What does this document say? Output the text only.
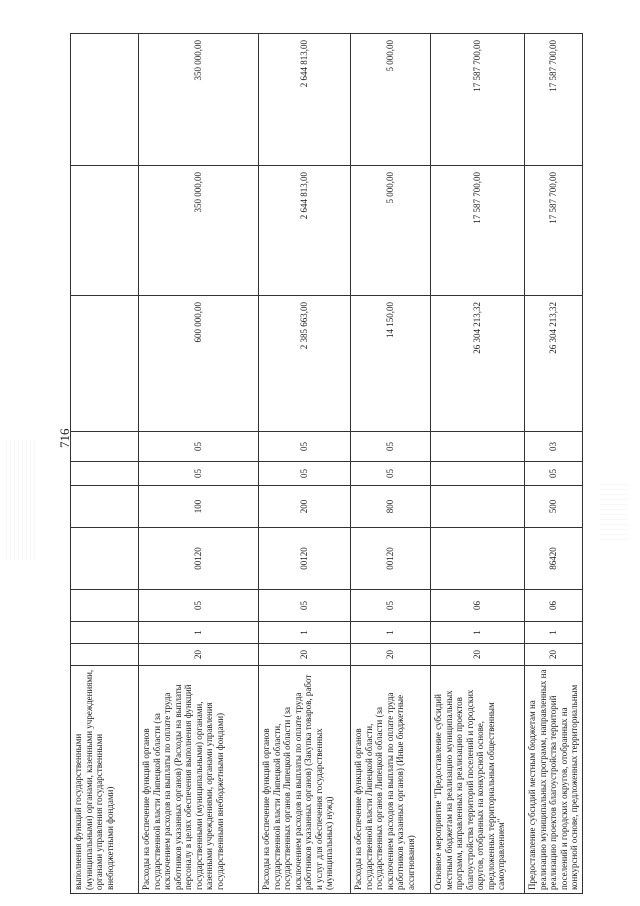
716
выполнения функций государственными (муниципальными) органами, казенными учреждениями, органами управления государственными внебюджетными фондами)										
Расходы на обеспечение функций органов государственной власти Липецкой области (за исключением расходов на выплаты по оплате труда работников указанных органов) (Расходы на выплаты персоналу в целях обеспечения выполнения функций государственными (муниципальными) органами, казенными учреждениями, органами управления государственными внебюджетными фондами)	20	1	05	00120	100	05	05	600 000,00	350 000,00	350 000,00
Расходы на обеспечение функций органов государственной власти Липецкой области, государственных органов Липецкой области (за исключением расходов на выплаты по оплате труда работников указанных органов) (Закупка товаров, работ и услуг для обеспечения государственных (муниципальных) нужд)	20	1	05	00120	200	05	05	2 385 663,00	2 644 813,00	2 644 813,00
Расходы на обеспечение функций органов государственной власти Липецкой области, государственных органов Липецкой области (за исключением расходов на выплаты по оплате труда работников указанных органов) (Иные бюджетные ассигнования)	20	1	05	00120	800	05	05	14 150,00	5 000,00	5 000,00
Основное мероприятие "Предоставление субсидий местным бюджетам на реализацию муниципальных программ, направленных на реализацию проектов благоустройства территорий поселений и городских округов, отобранных на конкурсной основе, предложенных территориальным общественным самоуправлением"	20	1	06					26 304 213,32	17 587 700,00	17 587 700,00
Предоставление субсидий местным бюджетам на реализацию муниципальных программ, направленных на реализацию проектов благоустройства территорий поселений и городских округов, отобранных на конкурсной основе, предложенных территориальным	20	1	06	86420	500	05	03	26 304 213,32	17 587 700,00	17 587 700,00
